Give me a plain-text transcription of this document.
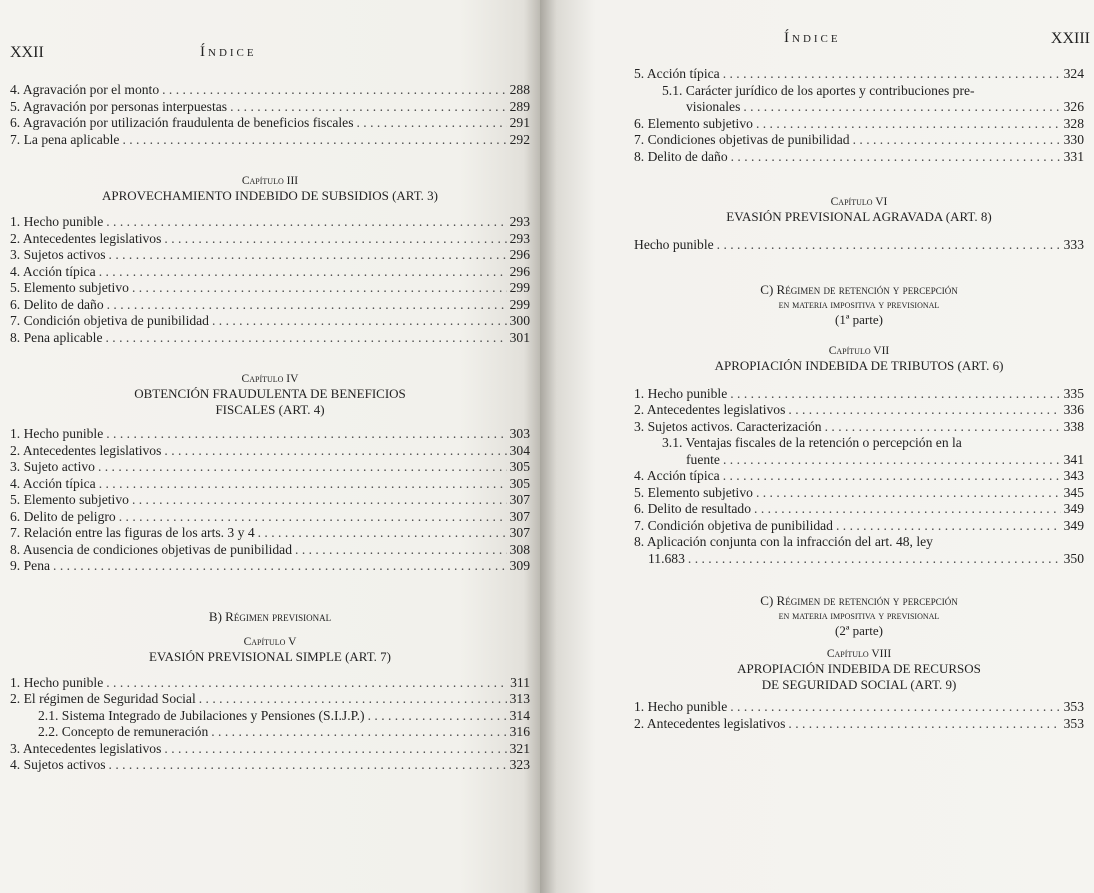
XXII	Índice
4. Agravación por el monto . . .	288
5. Agravación por personas interpuestas . . .	289
6. Agravación por utilización fraudulenta de beneficios fiscales . . .	291
7. La pena aplicable . . .	292
Capítulo III
APROVECHAMIENTO INDEBIDO DE SUBSIDIOS (ART. 3)
1. Hecho punible . . .	293
2. Antecedentes legislativos . . .	293
3. Sujetos activos . . .	296
4. Acción típica . . .	296
5. Elemento subjetivo . . .	299
6. Delito de daño . . .	299
7. Condición objetiva de punibilidad . . .	300
8. Pena aplicable . . .	301
Capítulo IV
OBTENCIÓN FRAUDULENTA DE BENEFICIOS
FISCALES (ART. 4)
1. Hecho punible . . .	303
2. Antecedentes legislativos . . .	304
3. Sujeto activo . . .	305
4. Acción típica . . .	305
5. Elemento subjetivo . . .	307
6. Delito de peligro . . .	307
7. Relación entre las figuras de los arts. 3 y 4 . . .	307
8. Ausencia de condiciones objetivas de punibilidad . . .	308
9. Pena . . .	309
B) Régimen previsional
Capítulo V
EVASIÓN PREVISIONAL SIMPLE (ART. 7)
1. Hecho punible . . .	311
2. El régimen de Seguridad Social . . .	313
2.1. Sistema Integrado de Jubilaciones y Pensiones (S.I.J.P.) . . .	314
2.2. Concepto de remuneración . . .	316
3. Antecedentes legislativos . . .	321
4. Sujetos activos . . .	323
Índice	XXIII
5. Acción típica . . .	324
5.1. Carácter jurídico de los aportes y contribuciones pre-
visionales . . .	326
6. Elemento subjetivo . . .	328
7. Condiciones objetivas de punibilidad . . .	330
8. Delito de daño . . .	331
Capítulo VI
EVASIÓN PREVISIONAL AGRAVADA (ART. 8)
Hecho punible . . .	333
C) Régimen de retención y percepción
en materia impositiva y previsional
(1ª parte)
Capítulo VII
APROPIACIÓN INDEBIDA DE TRIBUTOS (ART. 6)
1. Hecho punible . . .	335
2. Antecedentes legislativos . . .	336
3. Sujetos activos. Caracterización . . .	338
3.1. Ventajas fiscales de la retención o percepción en la
fuente . . .	341
4. Acción típica . . .	343
5. Elemento subjetivo . . .	345
6. Delito de resultado . . .	349
7. Condición objetiva de punibilidad . . .	349
8. Aplicación conjunta con la infracción del art. 48, ley
11.683 . . .	350
C) Régimen de retención y percepción
en materia impositiva y previsional
(2ª parte)
Capítulo VIII
APROPIACIÓN INDEBIDA DE RECURSOS
DE SEGURIDAD SOCIAL (ART. 9)
1. Hecho punible . . .	353
2. Antecedentes legislativos . . .	353
